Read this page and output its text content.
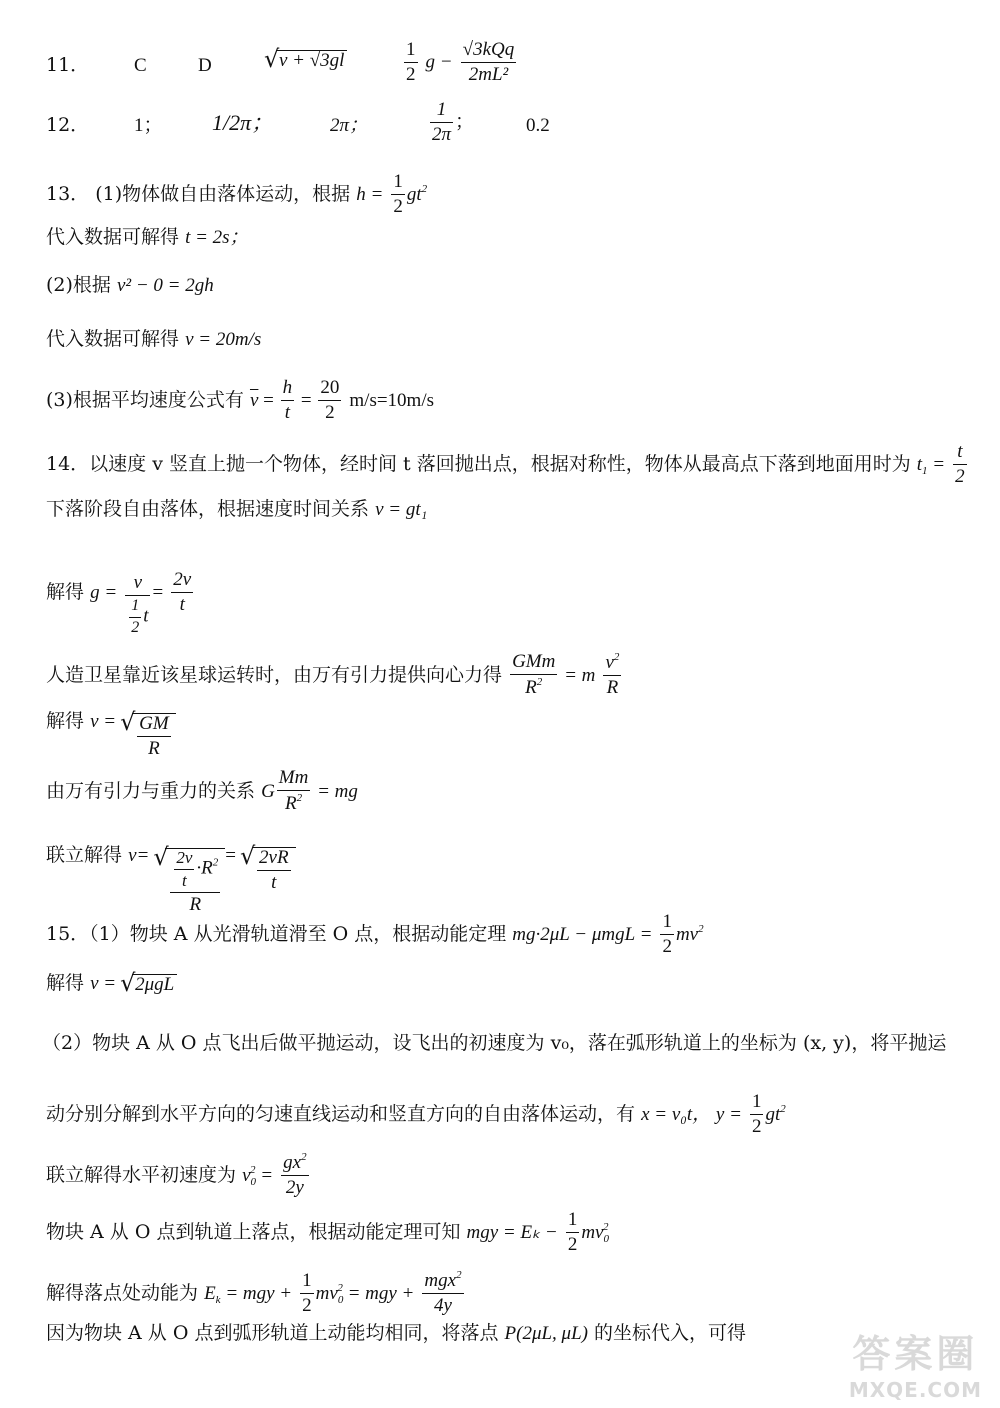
11． C	D	√ v + √3gl	$\frac{1}{2}$ $g - \frac{\text{√3kQq}}{\text{2mL²}}$
12． 1； 1/2π；	2π；	$\frac{1}{2\pi}$ ；	0.2
13． (1)物体做自由落体运动，根据 $h = \frac{1}{2} gt^2$
代入数据可解得 t = 2s；
(2)根据 v² − 0 = 2gh
代入数据可解得 v = 20m/s
(3)根据平均速度公式有 $\overline{v} = \frac{h}{t} = \frac{20}{2} m/s=10m/s$
14．以速度 v 竖直上抛一个物体，经时间 t 落回抛出点，根据对称性，物体从最高点下落到地面用时为 $t_1 = \frac{t}{2}$
下落阶段自由落体，根据速度时间关系 v = gt₁
解得 $g = \frac{v}{\frac{1}{2} t} = \frac{2v}{t}$
人造卫星靠近该星球运转时，由万有引力提供向心力得 $\frac{\text{GMm}}{R^2} = m \frac{v^2}{R}$
解得 v = √ $\frac{GM}{R}$
由万有引力与重力的关系 G $\frac{Mm}{R^2}$ = mg
联立解得 v= √ $\frac{\frac{2v}{t} \cdot R^2}{R}$ = √ $\frac{2vR}{t}$
15．（1）物块 A 从光滑轨道滑至 O 点，根据动能定理 $mg\cdot 2\mu L - \mu mgL = \frac{1}{2} mv^2$
解得 v = √ 2μgL
（2）物块 A 从 O 点飞出后做平抛运动，设飞出的初速度为 v₀，落在弧形轨道上的坐标为 (x, y)，将平抛运
动分别分解到水平方向的匀速直线运动和竖直方向的自由落体运动，有 x = v₀t， $y = \frac{1}{2} gt^2$
联立解得水平初速度为 $v_0^2 = \frac{gx^2}{2y}$
物块 A 从 O 点到轨道上落点，根据动能定理可知 mgy = $E_k - \frac{1}{2} mv_0^2$
解得落点处动能为 $E_k$ = mgy + $\frac{1}{2} mv_0^2$ = mgy + $\frac{mgx^2}{4y}$
因为物块 A 从 O 点到弧形轨道上动能均相同，将落点 P(2μL, μL) 的坐标代入，可得	答案圈
MXQE.COM
